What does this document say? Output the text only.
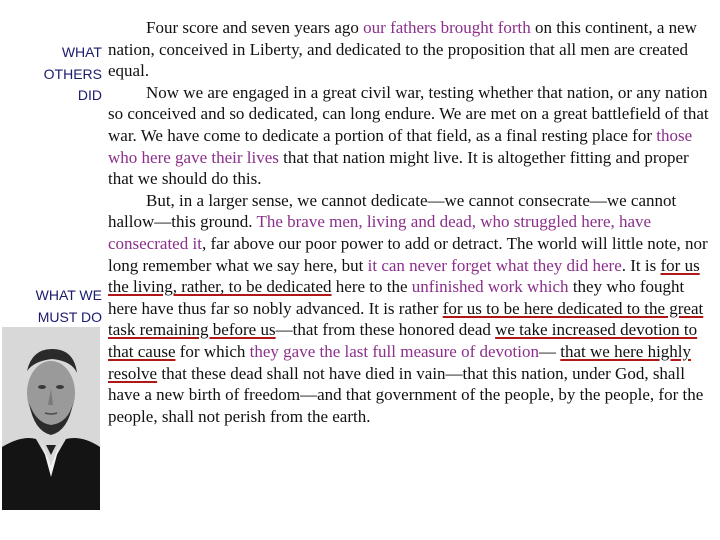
WHAT
OTHERS
DID
WHAT WE
MUST DO

Four score and seven years ago our fathers brought forth on this continent, a new nation, conceived in Liberty, and dedicated to the proposition that all men are created equal.

Now we are engaged in a great civil war, testing whether that nation, or any nation so conceived and so dedicated, can long endure. We are met on a great battlefield of that war. We have come to dedicate a portion of that field, as a final resting place for those who here gave their lives that that nation might live. It is altogether fitting and proper that we should do this.

But, in a larger sense, we cannot dedicate—we cannot consecrate—we cannot hallow—this ground. The brave men, living and dead, who struggled here, have consecrated it, far above our poor power to add or detract. The world will little note, nor long remember what we say here, but it can never forget what they did here. It is for us the living, rather, to be dedicated here to the unfinished work which they who fought here have thus far so nobly advanced. It is rather for us to be here dedicated to the great task remaining before us—that from these honored dead we take increased devotion to that cause for which they gave the last full measure of devotion— that we here highly resolve that these dead shall not have died in vain—that this nation, under God, shall have a new birth of freedom—and that government of the people, by the people, for the people, shall not perish from the earth.
